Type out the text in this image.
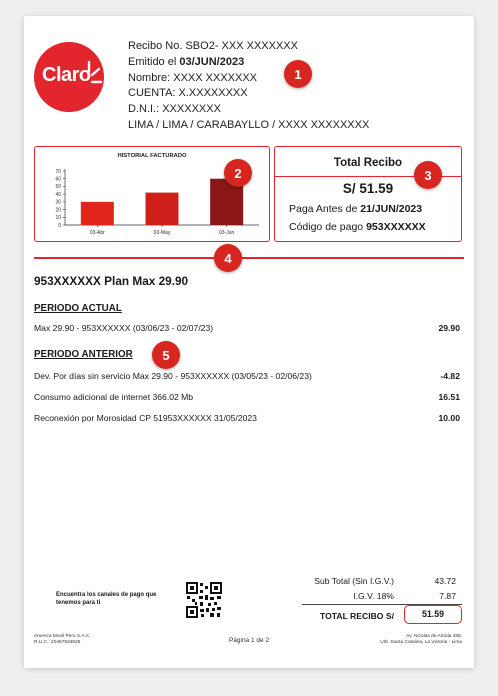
Claro
Recibo No. SBO2- XXX XXXXXXX
Emitido el 03/JUN/2023
Nombre: XXXX XXXXXXX
CUENTA: X.XXXXXXXX
D.N.I.: XXXXXXXX
LIMA / LIMA / CARABAYLLO / XXXX XXXXXXXX
1
HISTORIAL FACTURADO
0
10
20
30
40
50
60
70
03-Abr	03-May	03-Jun
2
Total Recibo
S/ 51.59
Paga Antes de 21/JUN/2023
Código de pago 953XXXXXX
3
4
953XXXXXX Plan Max 29.90
PERIODO ACTUAL
Max 29.90 - 953XXXXXX (03/06/23 - 02/07/23)	29.90
PERIODO ANTERIOR	5
Dev. Por días sin servicio Max 29.90 - 953XXXXXX (03/05/23 - 02/06/23)	-4.82
Consumo adicional de internet 366.02 Mb	16.51
Reconexión por Morosidad CP 51953XXXXXX 31/05/2023	10.00
Encuentra los canales de pago que tenemos para ti
Sub Total (Sin I.G.V.)	43.72
I.G.V. 18%	7.87
TOTAL RECIBO S/	51.59
America Movil Peru S.A.C.
R.U.C.: 20467534026	Página 1 de 2
Av. Nicolas de Arriola 480,
Urb. Santa Catalina, La Victoria - Lima
